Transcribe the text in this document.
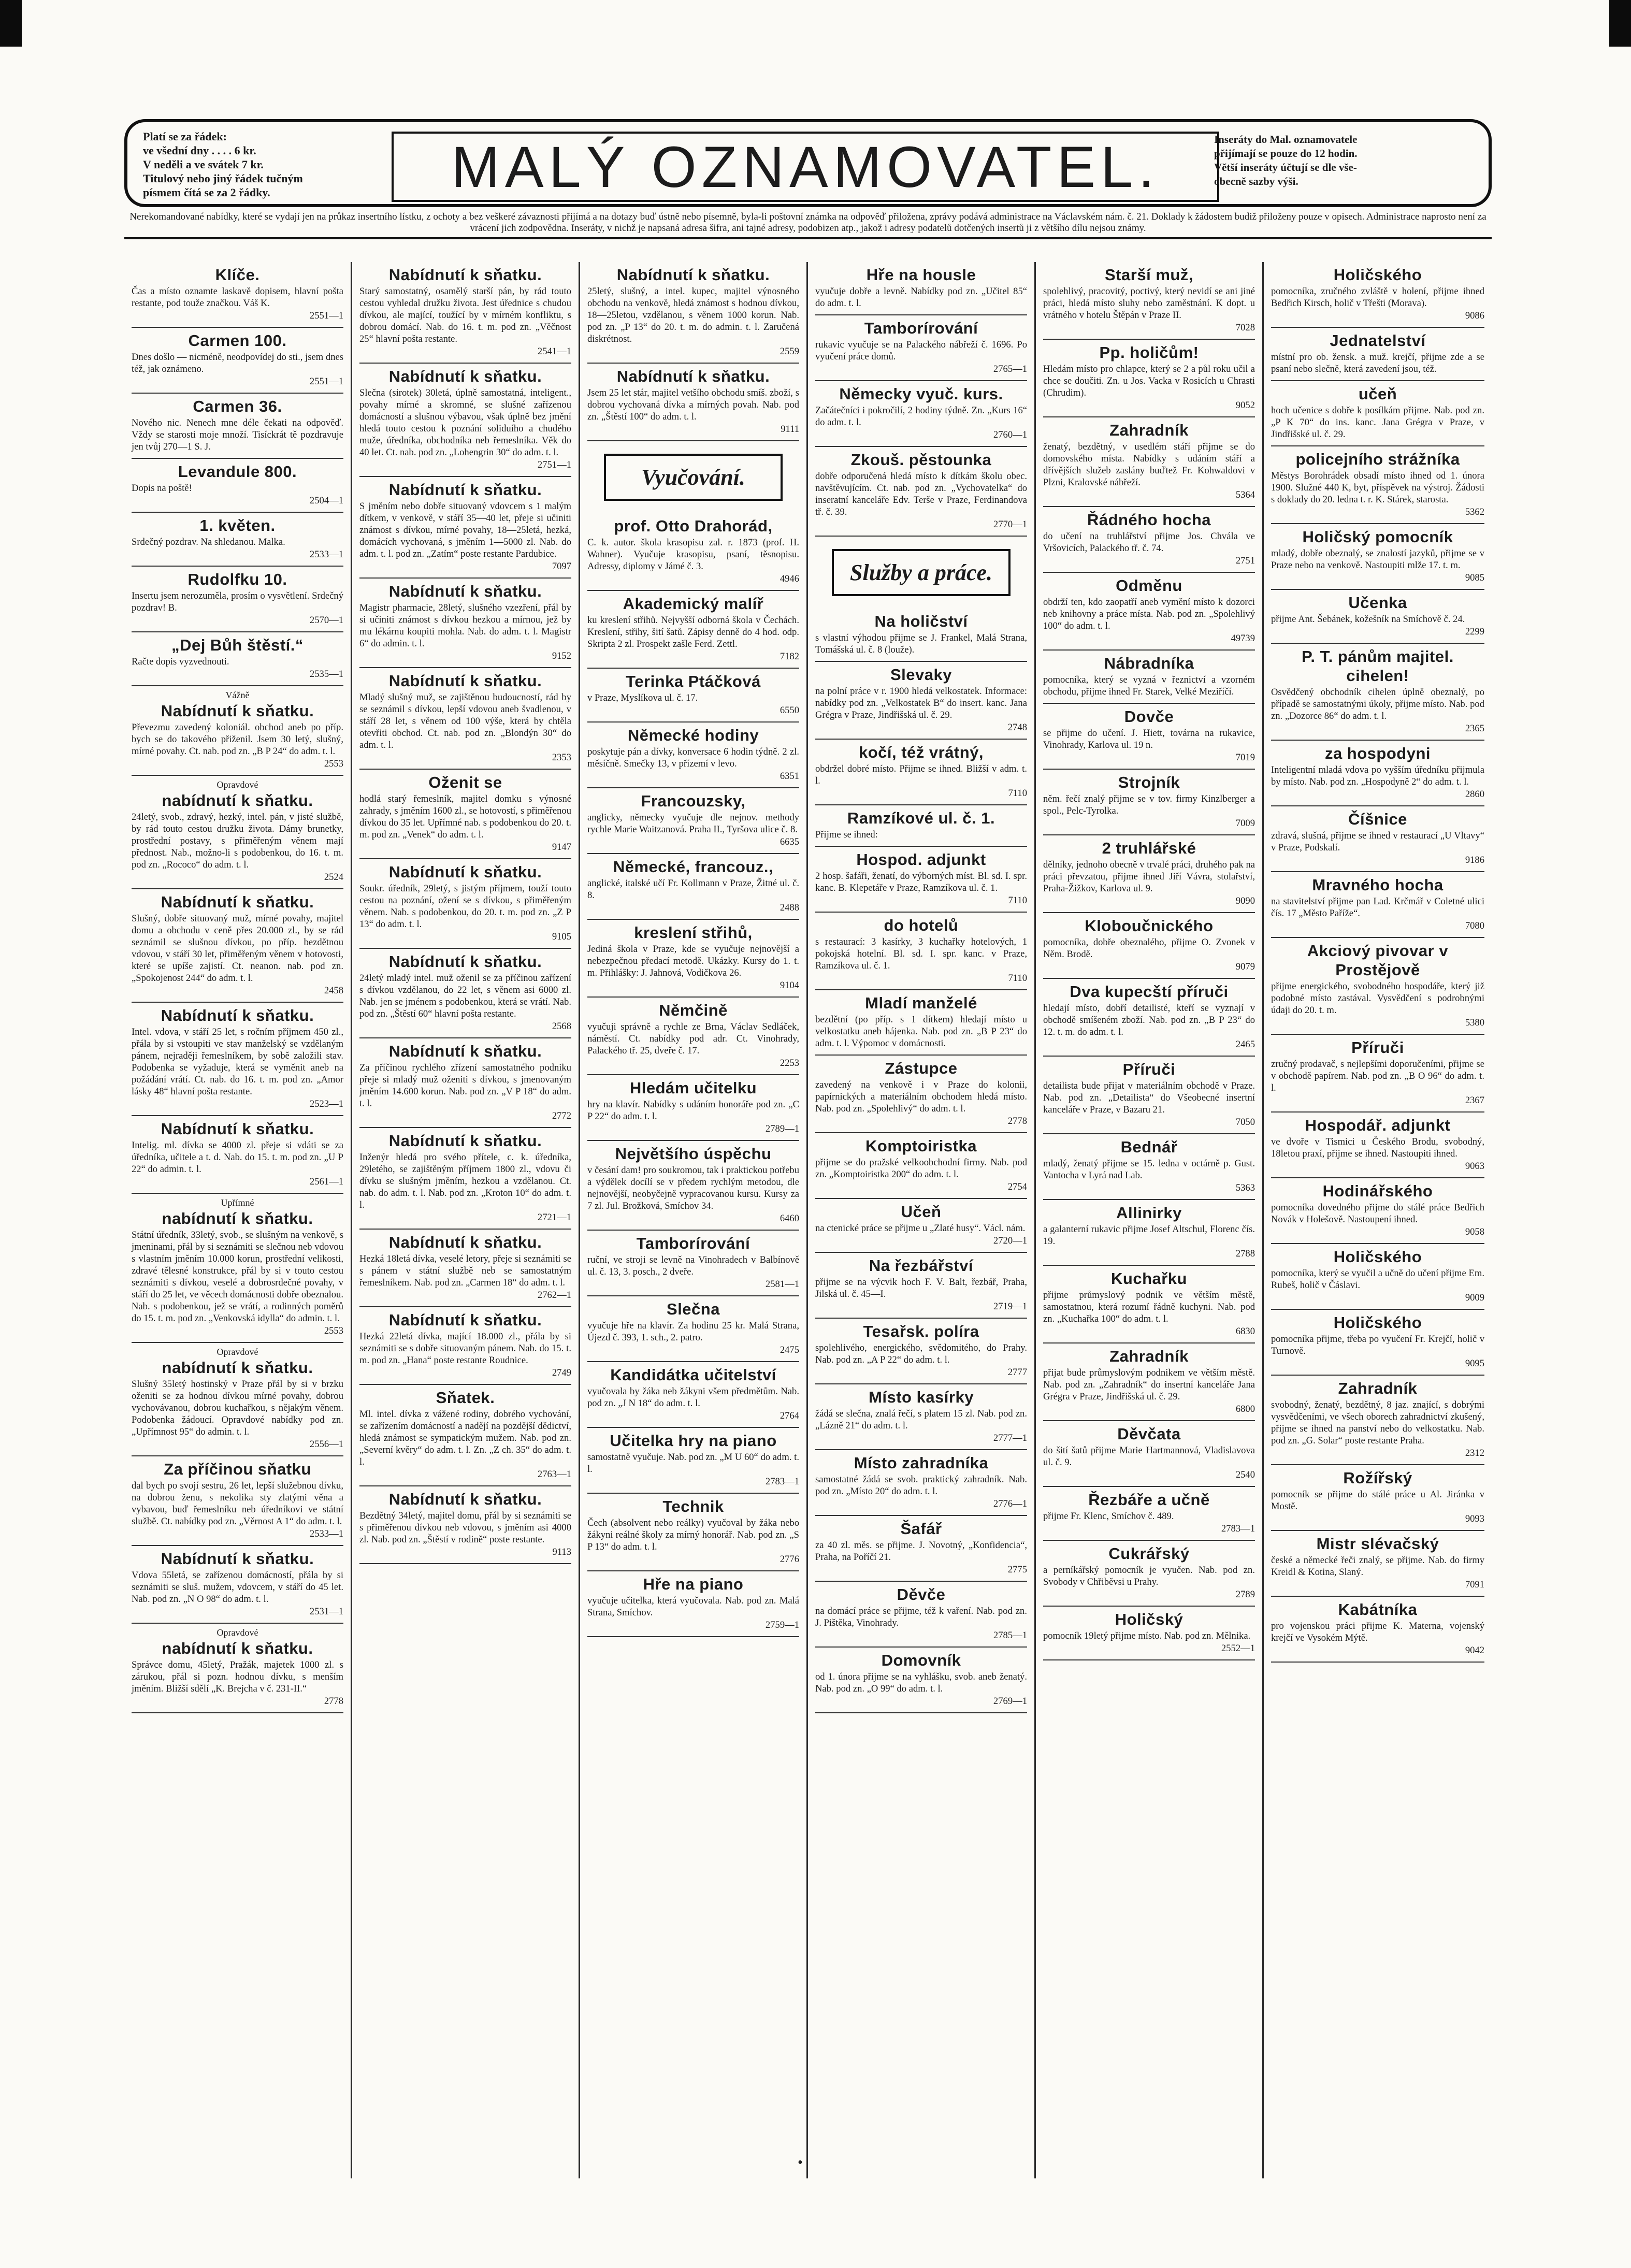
Platí se za řádek:
ve všední dny . . . . 6 kr.
V neděli a ve svátek 7 kr.
Titulový nebo jiný řádek tučným
písmem čítá se za 2 řádky.	MALÝ OZNAMOVATEL.	Inseráty do Mal. oznamovatele
přijímají se pouze do 12 hodin.
Větší inseráty účtují se dle vše-
obecně sazby výši.
Nerekomandované nabídky, které se vydají jen na průkaz insertního lístku, z ochoty a bez veškeré závaznosti přijímá a na dotazy buď ústně nebo písemně, byla-li poštovní známka na odpověď přiložena, zprávy podává administrace na Václavském nám. č. 21. Doklady k žádostem budiž přiloženy pouze v opisech. Administrace naprosto není za vrácení jich zodpovědna. Inseráty, v nichž je napsaná adresa šifra, ani tajné adresy, podobizen atp., jakož i adresy podatelů dotčených insertů ji z většího dílu nejsou známy.
Klíče.
Čas a místo oznamte laskavě dopisem, hlavní pošta restante, pod touže značkou. Váš K.
2551—1
Carmen 100.
Dnes došlo — nicméně, neodpovídej do sti., jsem dnes též, jak oznámeno.
2551—1
Carmen 36.
Nového nic. Nenech mne déle čekati na odpověď. Vždy se starosti moje množí. Tisíckrát tě pozdravuje jen tvůj 270—1 S. J.
Levandule 800.
Dopis na poště!
2504—1
1. květen.
Srdečný pozdrav. Na shledanou. Malka.
2533—1
Rudolfku 10.
Insertu jsem nerozuměla, prosím o vysvětlení. Srdečný pozdrav! B.
2570—1
„Dej Bůh štěstí.“
Račte dopis vyzvednouti.
2535—1
Vážně
Nabídnutí k sňatku.
Převezmu zavedený koloniál. obchod aneb po příp. bych se do takového přiženil. Jsem 30 letý, slušný, mírné povahy. Ct. nab. pod zn. „B P 24“ do adm. t. l.
2553
Opravdové
nabídnutí k sňatku.
24letý, svob., zdravý, hezký, intel. pán, v jisté službě, by rád touto cestou družku života. Dámy brunetky, prostřední postavy, s přiměřeným věnem mají přednost. Nab., možno-li s podobenkou, do 16. t. m. pod zn. „Rococo“ do adm. t. l.
2524
Nabídnutí k sňatku.
Slušný, dobře situovaný muž, mírné povahy, majitel domu a obchodu v ceně přes 20.000 zl., by se rád seznámil se slušnou dívkou, po příp. bezdětnou vdovou, v stáří 30 let, přiměřeným věnem v hotovosti, které se upíše zajistí. Ct. neanon. nab. pod zn. „Spokojenost 244“ do adm. t. l.
2458
Nabídnutí k sňatku.
Intel. vdova, v stáří 25 let, s ročním příjmem 450 zl., přála by si vstoupiti ve stav manželský se vzdělaným pánem, nejraději řemeslníkem, by sobě založili stav. Podobenka se vyžaduje, která se vyměnit aneb na požádání vrátí. Ct. nab. do 16. t. m. pod zn. „Amor lásky 48“ hlavní pošta restante.
2523—1
Nabídnutí k sňatku.
Intelig. ml. dívka se 4000 zl. přeje si vdáti se za úředníka, učitele a t. d. Nab. do 15. t. m. pod zn. „U P 22“ do admin. t. l.
2561—1
Upřímné
nabídnutí k sňatku.
Státní úředník, 33letý, svob., se slušným na venkově, s jmeninami, přál by si seznámiti se slečnou neb vdovou s vlastním jměním 10.000 korun, prostřední velikosti, zdravé tělesné konstrukce, přál by si v touto cestou seznámiti s dívkou, veselé a dobrosrdečné povahy, v stáří do 25 let, ve věcech domácnosti dobře obeznalou. Nab. s podobenkou, jež se vrátí, a rodinných poměrů do 15. t. m. pod zn. „Venkovská idylla“ do admin. t. l.
2553
Opravdové
nabídnutí k sňatku.
Slušný 35letý hostinský v Praze přál by si v brzku oženiti se za hodnou dívkou mírné povahy, dobrou vychovávanou, dobrou kuchařkou, s nějakým věnem. Podobenka žádoucí. Opravdové nabídky pod zn. „Upřímnost 95“ do admin. t. l.
2556—1
Za příčinou sňatku
dal bych po svojí sestru, 26 let, lepší služebnou dívku, na dobrou ženu, s nekolika sty zlatými věna a vybavou, buď řemeslníku neb úředníkovi ve státní službě. Ct. nabídky pod zn. „Věrnost A 1“ do adm. t. l.
2533—1
Nabídnutí k sňatku.
Vdova 55letá, se zařízenou domácností, přála by si seznámiti se sluš. mužem, vdovcem, v stáří do 45 let. Nab. pod zn. „N O 98“ do adm. t. l.
2531—1
Opravdové
nabídnutí k sňatku.
Správce domu, 45letý, Pražák, majetek 1000 zl. s zárukou, přál si pozn. hodnou dívku, s menším jměním. Bližší sdělí „K. Brejcha v č. 231-II.“
2778
Nabídnutí k sňatku.
Starý samostatný, osamělý starší pán, by rád touto cestou vyhledal družku života. Jest úřednice s chudou dívkou, ale mající, toužící by v mírném konfliktu, s dobrou domácí. Nab. do 16. t. m. pod zn. „Věčnost 25“ hlavní pošta restante.
2541—1
Nabídnutí k sňatku.
Slečna (sirotek) 30letá, úplně samostatná, inteligent., povahy mírné a skromné, se slušné zařízenou domácností a slušnou výbavou, však úplně bez jmění hledá touto cestou k poznání soliduího a chudého muže, úředníka, obchodníka neb řemeslníka. Věk do 40 let. Ct. nab. pod zn. „Lohengrin 30“ do adm. t. l.
2751—1
Nabídnutí k sňatku.
S jměním nebo dobře situovaný vdovcem s 1 malým dítkem, v venkově, v stáří 35—40 let, přeje si učiniti známost s dívkou, mírné povahy, 18—25letá, hezká, domácích vychovaná, s jměním 1—5000 zl. Nab. do adm. t. l. pod zn. „Zatím“ poste restante Pardubice.
7097
Nabídnutí k sňatku.
Magistr pharmacie, 28letý, slušného vzezření, přál by si učiniti známost s dívkou hezkou a mírnou, jež by mu lékárnu koupiti mohla. Nab. do adm. t. l. Magistr 6“ do admin. t. l.
9152
Nabídnutí k sňatku.
Mladý slušný muž, se zajištěnou budoucností, rád by se seznámil s dívkou, lepší vdovou aneb švadlenou, v stáří 28 let, s věnem od 100 výše, která by chtěla otevřiti obchod. Ct. nab. pod zn. „Blondýn 30“ do adm. t. l.
2353
Oženit se
hodlá starý řemeslník, majitel domku s výnosné zahrady, s jměním 1600 zl., se hotovostí, s přiměřenou dívkou do 35 let. Upřímné nab. s podobenkou do 20. t. m. pod zn. „Venek“ do adm. t. l.
9147
Nabídnutí k sňatku.
Soukr. úředník, 29letý, s jistým příjmem, touží touto cestou na poznání, ožení se s dívkou, s přiměřeným věnem. Nab. s podobenkou, do 20. t. m. pod zn. „Z P 13“ do adm. t. l.
9105
Nabídnutí k sňatku.
24letý mladý intel. muž oženil se za příčinou zařízení s dívkou vzdělanou, do 22 let, s věnem asi 6000 zl. Nab. jen se jménem s podobenkou, která se vrátí. Nab. pod zn. „Štěstí 60“ hlavní pošta restante.
2568
Nabídnutí k sňatku.
Za příčinou rychlého zřízení samostatného podniku přeje si mladý muž oženiti s dívkou, s jmenovaným jměním 14.600 korun. Nab. pod zn. „V P 18“ do adm. t. l.
2772
Nabídnutí k sňatku.
Inženýr hledá pro svého přítele, c. k. úředníka, 29letého, se zajištěným příjmem 1800 zl., vdovu či dívku se slušným jměním, hezkou a vzdělanou. Ct. nab. do adm. t. l. Nab. pod zn. „Kroton 10“ do adm. t. l.
2721—1
Nabídnutí k sňatku.
Hezká 18letá dívka, veselé letory, přeje si seznámiti se s pánem v státní službě neb se samostatným řemeslníkem. Nab. pod zn. „Carmen 18“ do adm. t. l.
2762—1
Nabídnutí k sňatku.
Hezká 22letá dívka, mající 18.000 zl., přála by si seznámiti se s dobře situovaným pánem. Nab. do 15. t. m. pod zn. „Hana“ poste restante Roudnice.
2749
Sňatek.
Ml. intel. dívka z vážené rodiny, dobrého vychování, se zařízením domácností a nadějí na pozdější dědictví, hledá známost se sympatickým mužem. Nab. pod zn. „Severní kvěry“ do adm. t. l. Zn. „Z ch. 35“ do adm. t. l.
2763—1
Nabídnutí k sňatku.
Bezdětný 34letý, majitel domu, přál by si seznámiti se s přiměřenou dívkou neb vdovou, s jměním asi 4000 zl. Nab. pod zn. „Štěstí v rodině“ poste restante.
9113
Nabídnutí k sňatku.
25letý, slušný, a intel. kupec, majitel výnosného obchodu na venkově, hledá známost s hodnou dívkou, 18—25letou, vzdělanou, s věnem 1000 korun. Nab. pod zn. „P 13“ do 20. t. m. do admin. t. l. Zaručená diskrétnost.
2559
Nabídnutí k sňatku.
Jsem 25 let stár, majitel vetšího obchodu smíš. zboží, s dobrou vychovaná dívka a mírných povah. Nab. pod zn. „Štěstí 100“ do adm. t. l.
9111
Vyučování.
prof. Otto Drahorád,
C. k. autor. škola krasopisu zal. r. 1873 (prof. H. Wahner). Vyučuje krasopisu, psaní, těsnopisu. Adressy, diplomy v Jámé č. 3.
4946
Akademický malíř
ku kreslení střihů. Nejvyšší odborná škola v Čechách. Kreslení, střihy, šití šatů. Zápisy denně do 4 hod. odp. Skripta 2 zl. Prospekt zašle Ferd. Zettl.
7182
Terinka Ptáčková
v Praze, Myslíkova ul. č. 17.
6550
Německé hodiny
poskytuje pán a dívky, konversace 6 hodin týdně. 2 zl. měsíčně. Smečky 13, v přízemí v levo.
6351
Francouzsky,
anglicky, německy vyučuje dle nejnov. methody rychle Marie Waitzanová. Praha II., Tyršova ulice č. 8.
6635
Německé, francouz.,
anglické, italské učí Fr. Kollmann v Praze, Žitné ul. č. 8.
2488
kreslení střihů,
Jediná škola v Praze, kde se vyučuje nejnovější a nebezpečnou předací metodě. Ukázky. Kursy do 1. t. m. Přihlášky: J. Jahnová, Vodičkova 26.
9104
Němčině
vyučuji správně a rychle ze Brna, Václav Sedláček, náměstí. Ct. nabídky pod adr. Ct. Vinohrady, Palackého tř. 25, dveře č. 17.
2253
Hledám učitelku
hry na klavír. Nabídky s udáním honoráře pod zn. „C P 22“ do adm. t. l.
2789—1
Největšího úspěchu
v česání dam! pro soukromou, tak i praktickou potřebu a výdělek docílí se v předem rychlým metodou, dle nejnovější, neobyčejně vypracovanou kursu. Kursy za 7 zl. Jul. Brožková, Smíchov 34.
6460
Tamborírování
ruční, ve stroji se levně na Vinohradech v Balbínově ul. č. 13, 3. posch., 2 dveře.
2581—1
Slečna
vyučuje hře na klavír. Za hodinu 25 kr. Malá Strana, Újezd č. 393, 1. sch., 2. patro.
2475
Kandidátka učitelství
vyučovala by žáka neb žákyni všem předmětům. Nab. pod zn. „J N 18“ do adm. t. l.
2764
Učitelka hry na piano
samostatně vyučuje. Nab. pod zn. „M U 60“ do adm. t. l.
2783—1
Technik
Čech (absolvent nebo reálky) vyučoval by žáka nebo žákyni reálné školy za mírný honorář. Nab. pod zn. „S P 13“ do adm. t. l.
2776
Hře na piano
vyučuje učitelka, která vyučovala. Nab. pod zn. Malá Strana, Smíchov.
2759—1
Hře na housle
vyučuje dobře a levně. Nabídky pod zn. „Učitel 85“ do adm. t. l.
Tamborírování
rukavic vyučuje se na Palackého nábřeží č. 1696. Po vyučení práce domů.
2765—1
Německy vyuč. kurs.
Začátečníci i pokročilí, 2 hodiny týdně. Zn. „Kurs 16“ do adm. t. l.
2760—1
Zkouš. pěstounka
dobře odporučená hledá místo k dítkám školu obec. navštěvujícím. Ct. nab. pod zn. „Vychovatelka“ do inseratní kanceláře Edv. Terše v Praze, Ferdinandova tř. č. 39.
2770—1
Služby a práce.
Na holičství
s vlastní výhodou přijme se J. Frankel, Malá Strana, Tomášská ul. č. 8 (louže).
Slevaky
na polní práce v r. 1900 hledá velkostatek. Informace: nabídky pod zn. „Velkostatek B“ do insert. kanc. Jana Grégra v Praze, Jindřišská ul. č. 29.
2748
kočí, též vrátný,
obdržel dobré místo. Přijme se ihned. Bližší v adm. t. l.
7110
Ramzíkové ul. č. 1.
Přijme se ihned:
Hospod. adjunkt
2 hosp. šafáři, ženatí, do výborných míst. Bl. sd. I. spr. kanc. B. Klepetáře v Praze, Ramzíkova ul. č. 1.
7110
do hotelů
s restaurací: 3 kasírky, 3 kuchařky hotelových, 1 pokojská hotelní. Bl. sd. I. spr. kanc. v Praze, Ramzíkova ul. č. 1.
7110
Mladí manželé
bezdětní (po příp. s 1 dítkem) hledají místo u velkostatku aneb hájenka. Nab. pod zn. „B P 23“ do adm. t. l. Výpomoc v domácnosti.
Zástupce
zavedený na venkově i v Praze do kolonii, papírnických a materiálním obchodem hledá místo. Nab. pod zn. „Spolehlivý“ do adm. t. l.
2778
Komptoiristka
přijme se do pražské velkoobchodní firmy. Nab. pod zn. „Komptoiristka 200“ do adm. t. l.
2754
Učeň
na ctenické práce se přijme u „Zlaté husy“. Václ. nám.
2720—1
Na řezbářství
přijme se na výcvik hoch F. V. Balt, řezbář, Praha, Jilská ul. č. 45—I.
2719—1
Tesařsk. políra
spolehlivého, energického, svědomitého, do Prahy. Nab. pod zn. „A P 22“ do adm. t. l.
2777
Místo kasírky
žádá se slečna, znalá řečí, s platem 15 zl. Nab. pod zn. „Lázně 21“ do adm. t. l.
2777—1
Místo zahradníka
samostatné žádá se svob. praktický zahradník. Nab. pod zn. „Místo 20“ do adm. t. l.
2776—1
Šafář
za 40 zl. měs. se přijme. J. Novotný, „Konfidencia“, Praha, na Poříčí 21.
2775
Děvče
na domácí práce se přijme, též k vaření. Nab. pod zn. J. Pištěka, Vinohrady.
2785—1
Domovník
od 1. února přijme se na vyhlášku, svob. aneb ženatý. Nab. pod zn. „O 99“ do adm. t. l.
2769—1
Starší muž,
spolehlivý, pracovitý, poctivý, který nevidí se ani jiné práci, hledá místo sluhy nebo zaměstnání. K dopt. u vrátného v hotelu Štěpán v Praze II.
7028
Pp. holičům!
Hledám místo pro chlapce, který se 2 a půl roku učil a chce se doučiti. Zn. u Jos. Vacka v Rosicích u Chrasti (Chrudim).
9052
Zahradník
ženatý, bezdětný, v usedlém stáří přijme se do domovského místa. Nabídky s udáním stáří a dřívějších služeb zaslány buďtež Fr. Kohwaldovi v Plzni, Kralovské nábřeží.
5364
Řádného hocha
do učení na truhlářství přijme Jos. Chvála ve Vršovicích, Palackého tř. č. 74.
2751
Odměnu
obdrží ten, kdo zaopatří aneb vymění místo k dozorci neb knihovny a práce místa. Nab. pod zn. „Spolehlivý 100“ do adm. t. l.
49739
Nábradníka
pomocníka, který se vyzná v řeznictví a vzorném obchodu, přijme ihned Fr. Starek, Velké Meziříčí.
Dovče
se přijme do učení. J. Hiett, továrna na rukavice, Vinohrady, Karlova ul. 19 n.
7019
Strojník
něm. řečí znalý přijme se v tov. firmy Kinzlberger a spol., Pelc-Tyrolka.
7009
2 truhlářské
dělníky, jednoho obecně v trvalé práci, druhého pak na práci převzatou, přijme ihned Jiří Vávra, stolařství, Praha-Žižkov, Karlova ul. 9.
9090
Kloboučnického
pomocníka, dobře obeznalého, přijme O. Zvonek v Něm. Brodě.
9079
Dva kupecští příruči
hledají místo, dobří detailisté, kteří se vyznají v obchodě smíšeném zboží. Nab. pod zn. „B P 23“ do 12. t. m. do adm. t. l.
2465
Příruči
detailista bude přijat v materiálním obchodě v Praze. Nab. pod zn. „Detailista“ do Všeobecné insertní kanceláře v Praze, v Bazaru 21.
7050
Bednář
mladý, ženatý přijme se 15. ledna v octárně p. Gust. Vantocha v Lyrá nad Lab.
5363
Allinirky
a galanterní rukavic přijme Josef Altschul, Florenc čís. 19.
2788
Kuchařku
přijme průmyslový podnik ve větším městě, samostatnou, která rozumí řádně kuchyni. Nab. pod zn. „Kuchařka 100“ do adm. t. l.
6830
Zahradník
přijat bude průmyslovým podnikem ve větším městě. Nab. pod zn. „Zahradník“ do insertní kanceláře Jana Grégra v Praze, Jindřišská ul. č. 29.
6800
Děvčata
do šití šatů přijme Marie Hartmannová, Vladislavova ul. č. 9.
2540
Řezbáře a učně
přijme Fr. Klenc, Smíchov č. 489.
2783—1
Cukrářský
a perníkářský pomocník je vyučen. Nab. pod zn. Svobody v Chřiběvsi u Prahy.
2789
Holičský
pomocník 19letý přijme místo. Nab. pod zn. Mělnika.
2552—1
Holičského
pomocníka, zručného zvláště v holení, přijme ihned Bedřich Kirsch, holič v Třešti (Morava).
9086
Jednatelství
místní pro ob. žensk. a muž. krejčí, přijme zde a se psaní nebo slečně, která zavedení jsou, též.
učeň
hoch učenice s dobře k posílkám přijme. Nab. pod zn. „P K 70“ do ins. kanc. Jana Grégra v Praze, v Jindřišské ul. č. 29.
policejního strážníka
Městys Borohrádek obsadí místo ihned od 1. února 1900. Služné 440 K, byt, příspěvek na výstroj. Žádosti s doklady do 20. ledna t. r. K. Stárek, starosta.
5362
Holičský pomocník
mladý, dobře obeznalý, se znalostí jazyků, přijme se v Praze nebo na venkově. Nastoupiti mlže 17. t. m.
9085
Učenka
přijme Ant. Šebánek, kožešník na Smíchově č. 24.
2299
P. T. pánům majitel. cihelen!
Osvědčený obchodník cihelen úplně obeznalý, po případě se samostatnými úkoly, přijme místo. Nab. pod zn. „Dozorce 86“ do adm. t. l.
2365
za hospodyni
Inteligentní mladá vdova po vyšším úředníku přijmula by místo. Nab. pod zn. „Hospodyně 2“ do adm. t. l.
2860
Číšnice
zdravá, slušná, přijme se ihned v restaurací „U Vltavy“ v Praze, Podskalí.
9186
Mravného hocha
na stavitelství přijme pan Lad. Krčmář v Coletné ulici čís. 17 „Město Paříže“.
7080
Akciový pivovar v Prostějově
přijme energického, svobodného hospodáře, který již podobné místo zastával. Vysvědčení s podrobnými údaji do 20. t. m.
5380
Příruči
zručný prodavač, s nejlepšími doporučeními, přijme se v obchodě papírem. Nab. pod zn. „B O 96“ do adm. t. l.
2367
Hospodář. adjunkt
ve dvoře v Tismici u Českého Brodu, svobodný, 18letou praxí, přijme se ihned. Nastoupiti ihned.
9063
Hodinářského
pomocníka dovedného přijme do stálé práce Bedřich Novák v Holešově. Nastoupení ihned.
9058
Holičského
pomocníka, který se vyučil a učně do učení přijme Em. Rubeš, holič v Čáslavi.
9009
Holičského
pomocníka přijme, třeba po vyučení Fr. Krejčí, holič v Turnově.
9095
Zahradník
svobodný, ženatý, bezdětný, 8 jaz. znající, s dobrými vysvědčeními, ve všech oborech zahradnictví zkušený, přijme se ihned na panství nebo do velkostatku. Nab. pod zn. „G. Solar“ poste restante Praha.
2312
Rožířský
pomocník se přijme do stálé práce u Al. Jiránka v Mostě.
9093
Mistr slévačský
české a německé řeči znalý, se přijme. Nab. do firmy Kreidl & Kotina, Slaný.
7091
Kabátníka
pro vojenskou práci přijme K. Materna, vojenský krejčí ve Vysokém Mýtě.
9042
•
